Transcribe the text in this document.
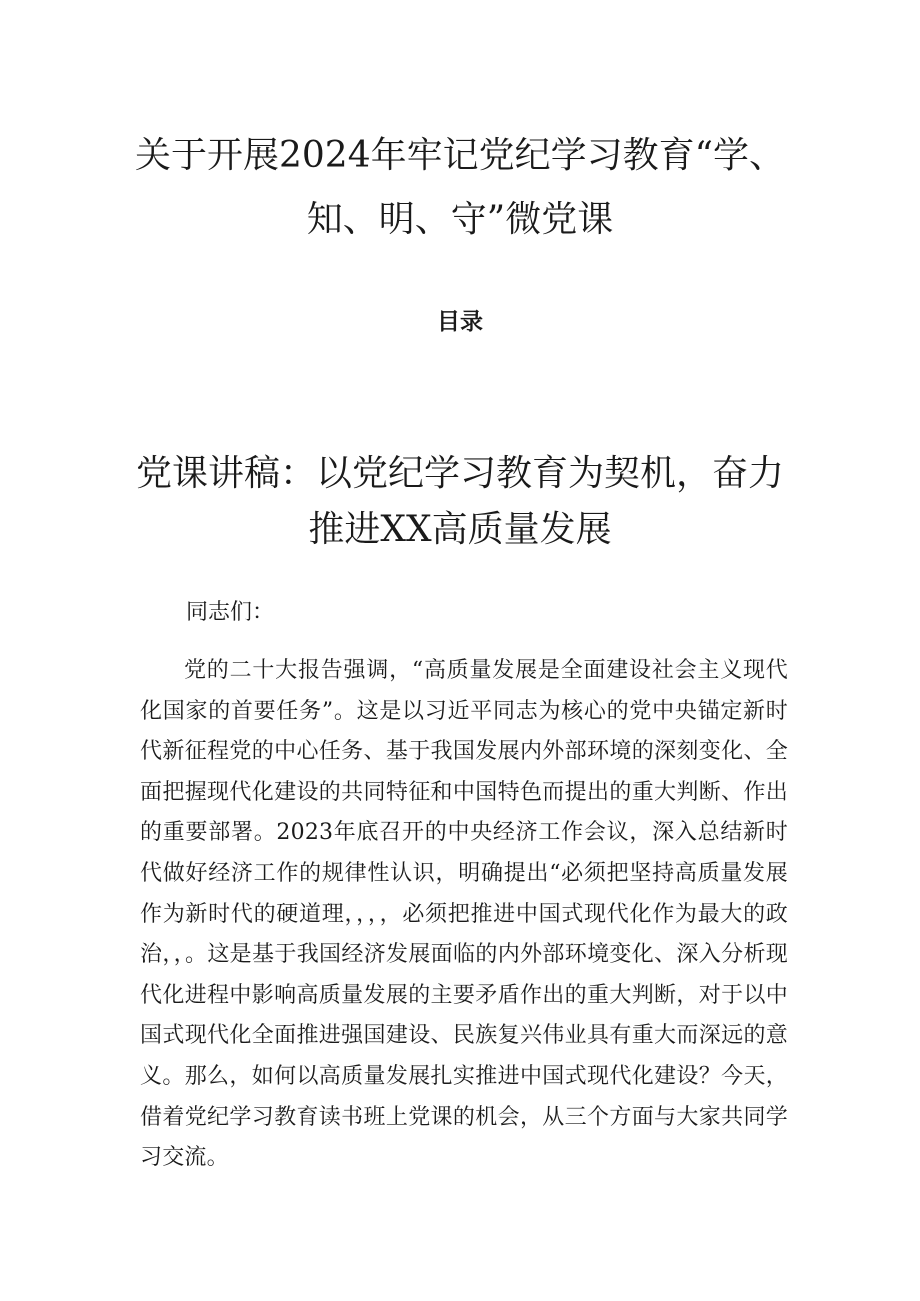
关于开展2024年牢记党纪学习教育“学、
知、明、守”微党课
目录
党课讲稿：以党纪学习教育为契机，奋力
推进XX高质量发展

同志们：

党的二十大报告强调，“高质量发展是全面建设社会主义现代化国家的首要任务”。这是以习近平同志为核心的党中央锚定新时代新征程党的中心任务、基于我国发展内外部环境的深刻变化、全面把握现代化建设的共同特征和中国特色而提出的重大判断、作出的重要部署。2023年底召开的中央经济工作会议，深入总结新时代做好经济工作的规律性认识，明确提出“必须把坚持高质量发展作为新时代的硬道理，，，，必须把推进中国式现代化作为最大的政治，，。这是基于我国经济发展面临的内外部环境变化、深入分析现代化进程中影响高质量发展的主要矛盾作出的重大判断，对于以中国式现代化全面推进强国建设、民族复兴伟业具有重大而深远的意义。那么，如何以高质量发展扎实推进中国式现代化建设？今天，借着党纪学习教育读书班上党课的机会，从三个方面与大家共同学习交流。
